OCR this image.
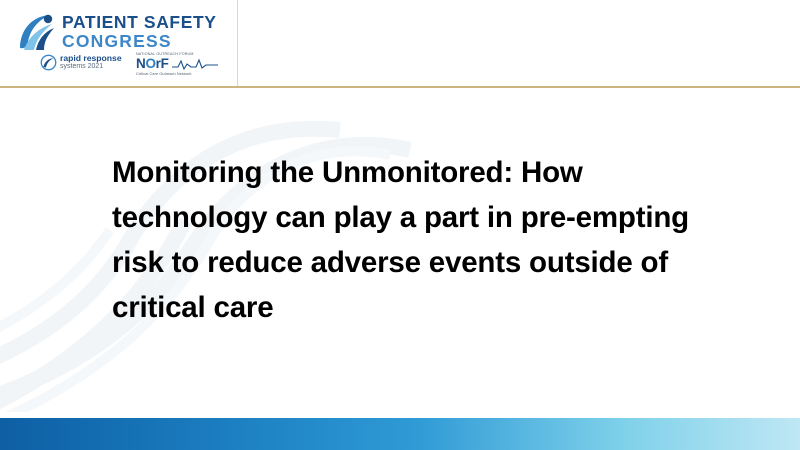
PATIENT SAFETY
CONGRESS
rapid response
systems 2021
NATIONAL OUTREACH FORUM
NOrF
Critical Care Outreach Network
Monitoring the Unmonitored: How technology can play a part in pre-empting risk to reduce adverse events outside of critical care
